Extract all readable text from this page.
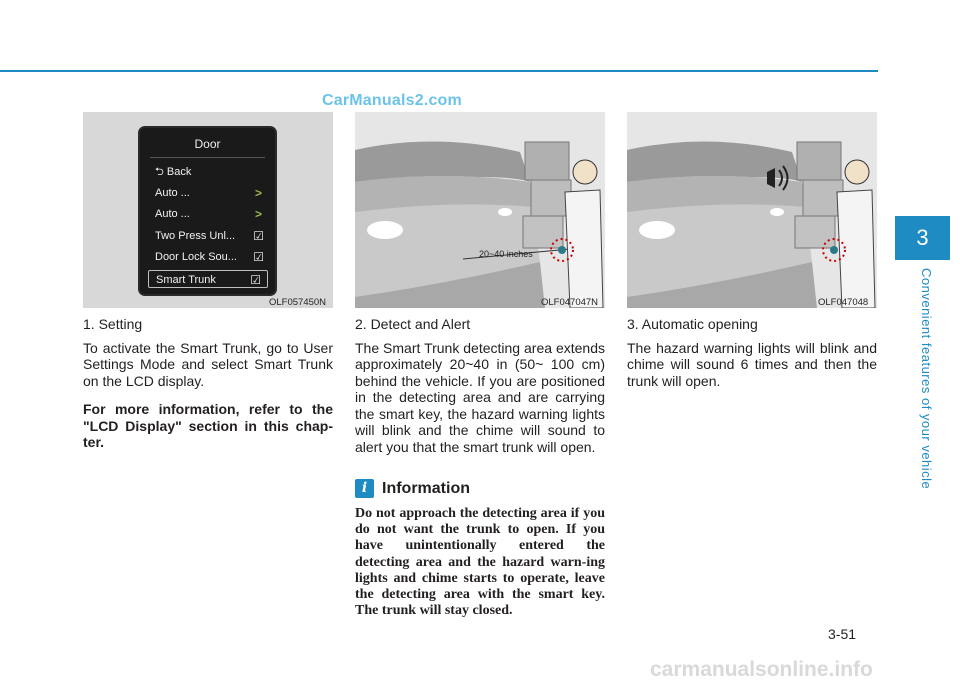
CarManuals2.com
3
Convenient features of your vehicle
Door
⮌ Back
Auto ...	>
Auto ...	>
Two Press Unl... ☑
Door Lock Sou... ☑
Smart Trunk	☑
OLF057450N
20~40 inches
OLF047047N	OLF047048
1. Setting

To activate the Smart Trunk, go to User Settings Mode and select Smart Trunk on the LCD display.

For more information, refer to the "LCD Display" section in this chap-ter.

2. Detect and Alert

The Smart Trunk detecting area extends approximately 20~40 in (50~ 100 cm) behind the vehicle. If you are positioned in the detecting area and are carrying the smart key, the hazard warning lights will blink and the chime will sound to alert you that the smart trunk will open.

i Information

Do not approach the detecting area if you do not want the trunk to open. If you have unintentionally entered the detecting area and the hazard warn-ing lights and chime starts to operate, leave the detecting area with the smart key. The trunk will stay closed.

3. Automatic opening

The hazard warning lights will blink and chime will sound 6 times and then the trunk will open.

3-51
carmanualsonline.info
